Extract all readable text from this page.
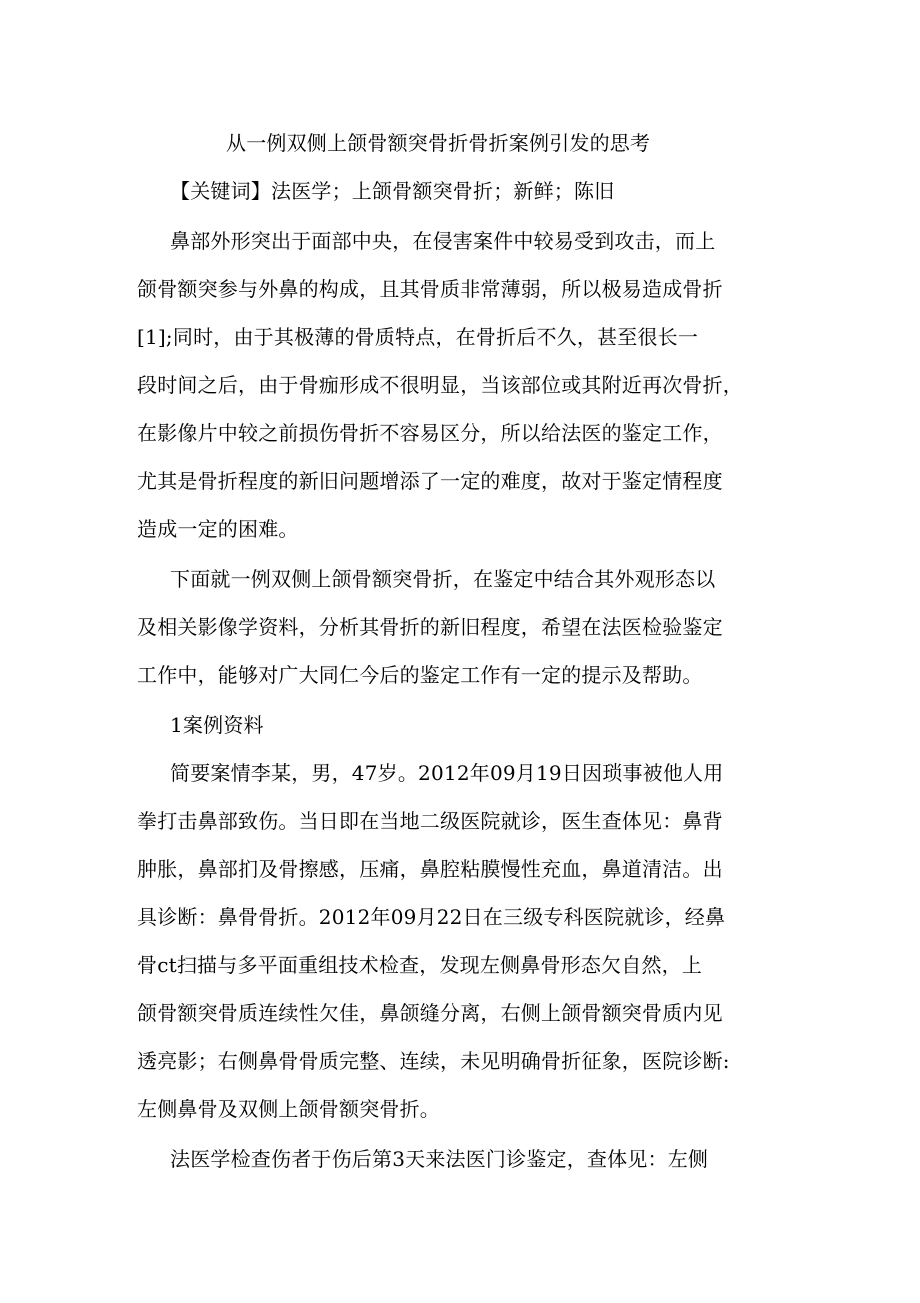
从一例双侧上颌骨额突骨折骨折案例引发的思考
【关键词】法医学；上颌骨额突骨折；新鲜；陈旧
鼻部外形突出于面部中央，在侵害案件中较易受到攻击，而上
颌骨额突参与外鼻的构成，且其骨质非常薄弱，所以极易造成骨折
[1];同时，由于其极薄的骨质特点，在骨折后不久，甚至很长一
段时间之后，由于骨痂形成不很明显，当该部位或其附近再次骨折，
在影像片中较之前损伤骨折不容易区分，所以给法医的鉴定工作，
尤其是骨折程度的新旧问题增添了一定的难度，故对于鉴定情程度
造成一定的困难。
下面就一例双侧上颌骨额突骨折，在鉴定中结合其外观形态以
及相关影像学资料，分析其骨折的新旧程度，希望在法医检验鉴定
工作中，能够对广大同仁今后的鉴定工作有一定的提示及帮助。
1案例资料
简要案情李某，男，47岁。2012年09月19日因琐事被他人用
拳打击鼻部致伤。当日即在当地二级医院就诊，医生查体见：鼻背
肿胀，鼻部扪及骨擦感，压痛，鼻腔粘膜慢性充血，鼻道清洁。出
具诊断：鼻骨骨折。2012年09月22日在三级专科医院就诊，经鼻
骨ct扫描与多平面重组技术检查，发现左侧鼻骨形态欠自然，上
颌骨额突骨质连续性欠佳，鼻颌缝分离，右侧上颌骨额突骨质内见
透亮影；右侧鼻骨骨质完整、连续，未见明确骨折征象，医院诊断:
左侧鼻骨及双侧上颌骨额突骨折。
法医学检查伤者于伤后第3天来法医门诊鉴定，查体见：左侧
